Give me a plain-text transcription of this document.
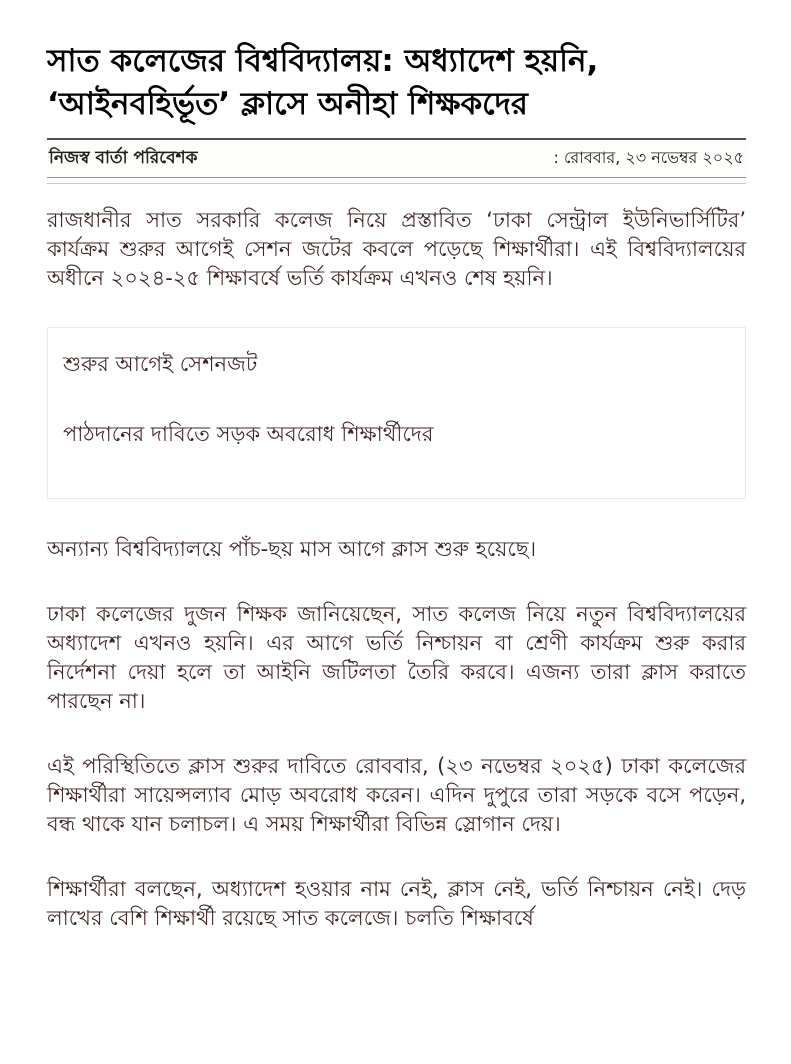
সাত কলেজের বিশ্ববিদ্যালয়: অধ্যাদেশ হয়নি, ‘আইনবহির্ভূত’ ক্লাসে অনীহা শিক্ষকদের
নিজস্ব বার্তা পরিবেশক	: রোববার, ২৩ নভেম্বর ২০২৫

রাজধানীর সাত সরকারি কলেজ নিয়ে প্রস্তাবিত ‘ঢাকা সেন্ট্রাল ইউনিভার্সিটির’ কার্যক্রম শুরুর আগেই সেশন জটের কবলে পড়েছে শিক্ষার্থীরা। এই বিশ্ববিদ্যালয়ের অধীনে ২০২৪-২৫ শিক্ষাবর্ষে ভর্তি কার্যক্রম এখনও শেষ হয়নি।

শুরুর আগেই সেশনজট
পাঠদানের দাবিতে সড়ক অবরোধ শিক্ষার্থীদের

অন্যান্য বিশ্ববিদ্যালয়ে পাঁচ-ছয় মাস আগে ক্লাস শুরু হয়েছে।

ঢাকা কলেজের দুজন শিক্ষক জানিয়েছেন, সাত কলেজ নিয়ে নতুন বিশ্ববিদ্যালয়ের অধ্যাদেশ এখনও হয়নি। এর আগে ভর্তি নিশ্চায়ন বা শ্রেণী কার্যক্রম শুরু করার নির্দেশনা দেয়া হলে তা আইনি জটিলতা তৈরি করবে। এজন্য তারা ক্লাস করাতে পারছেন না।

এই পরিস্থিতিতে ক্লাস শুরুর দাবিতে রোববার, (২৩ নভেম্বর ২০২৫) ঢাকা কলেজের শিক্ষার্থীরা সায়েন্সল্যাব মোড় অবরোধ করেন। এদিন দুপুরে তারা সড়কে বসে পড়েন, বন্ধ থাকে যান চলাচল। এ সময় শিক্ষার্থীরা বিভিন্ন স্লোগান দেয়।

শিক্ষার্থীরা বলছেন, অধ্যাদেশ হওয়ার নাম নেই, ক্লাস নেই, ভর্তি নিশ্চায়ন নেই। দেড় লাখের বেশি শিক্ষার্থী রয়েছে সাত কলেজে। চলতি শিক্ষাবর্ষে
